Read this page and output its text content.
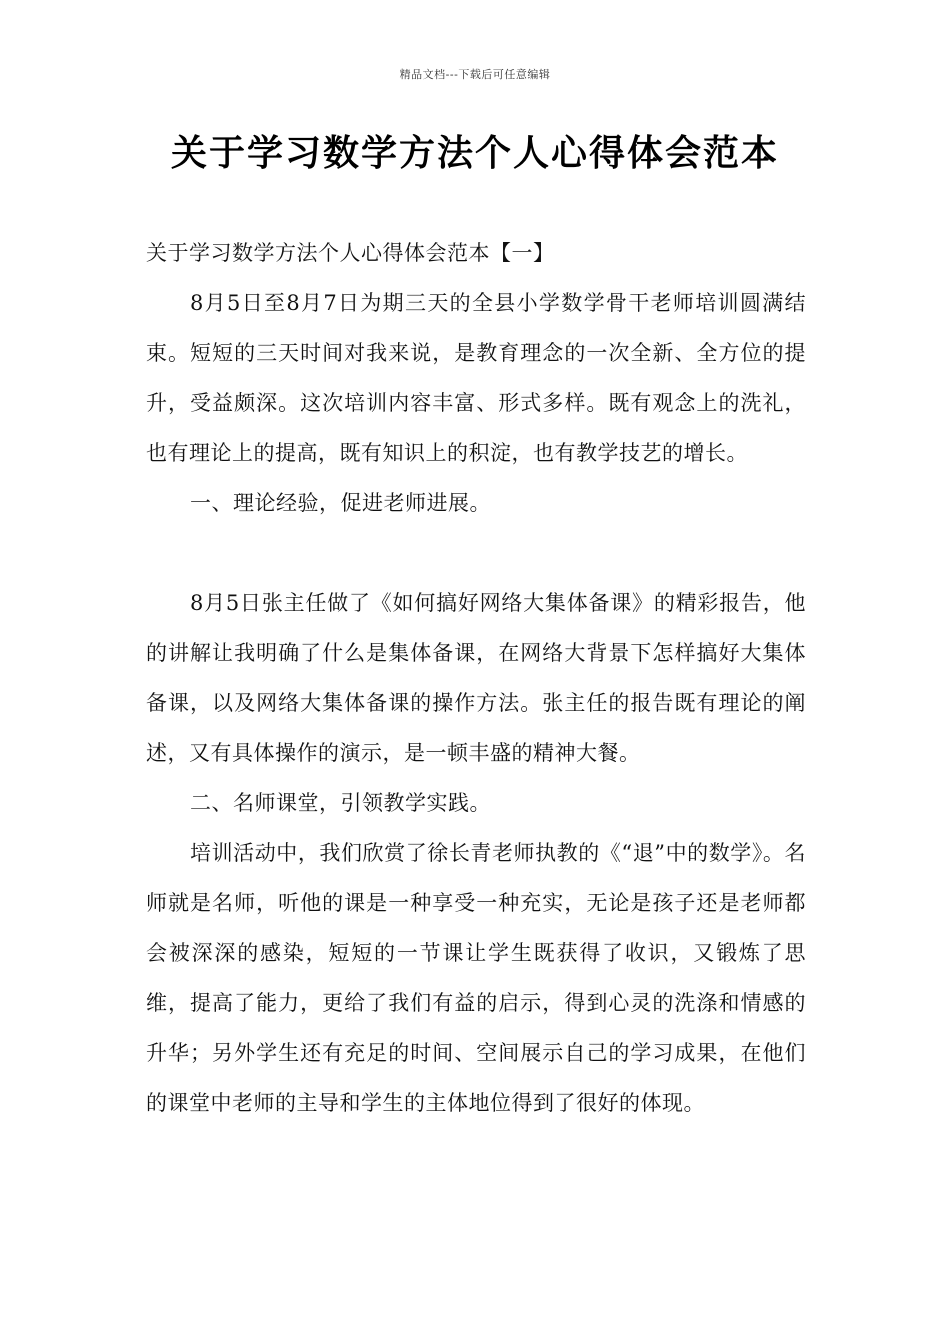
精品文档---下载后可任意编辑
关于学习数学方法个人心得体会范本

关于学习数学方法个人心得体会范本【一】

8月5日至8月7日为期三天的全县小学数学骨干老师培训圆满结束。短短的三天时间对我来说，是教育理念的一次全新、全方位的提升，受益颇深。这次培训内容丰富、形式多样。既有观念上的洗礼，也有理论上的提高，既有知识上的积淀，也有教学技艺的增长。

一、理论经验，促进老师进展。

8月5日张主任做了《如何搞好网络大集体备课》的精彩报告，他的讲解让我明确了什么是集体备课，在网络大背景下怎样搞好大集体备课，以及网络大集体备课的操作方法。张主任的报告既有理论的阐述，又有具体操作的演示，是一顿丰盛的精神大餐。

二、名师课堂，引领教学实践。

培训活动中，我们欣赏了徐长青老师执教的《“退”中的数学》。名师就是名师，听他的课是一种享受一种充实，无论是孩子还是老师都会被深深的感染，短短的一节课让学生既获得了收识，又锻炼了思维，提高了能力，更给了我们有益的启示，得到心灵的洗涤和情感的升华；另外学生还有充足的时间、空间展示自己的学习成果，在他们的课堂中老师的主导和学生的主体地位得到了很好的体现。
